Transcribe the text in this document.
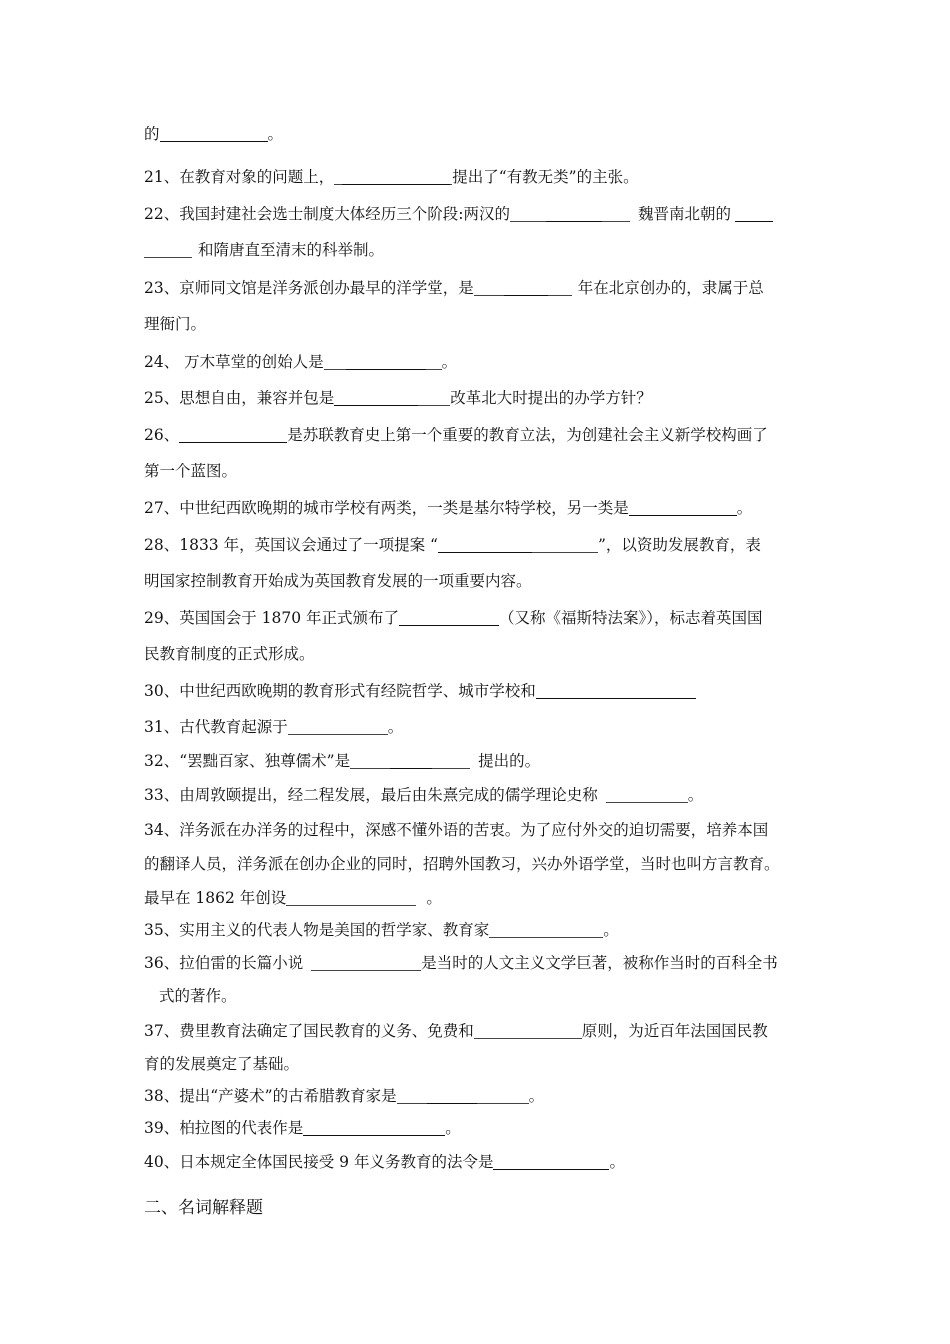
的	。
21、在教育对象的问题上，	提出了“有教无类”的主张。
22、我国封建社会选士制度大体经历三个阶段:两汉的	魏晋南北朝的
和隋唐直至清末的科举制。
23、京师同文馆是洋务派创办最早的洋学堂，是	年在北京创办的，隶属于总
理衙门。
24、 万木草堂的创始人是	。
25、思想自由，兼容并包是	改革北大时提出的办学方针？
26、	是苏联教育史上第一个重要的教育立法，为创建社会主义新学校构画了
第一个蓝图。
27、中世纪西欧晚期的城市学校有两类，一类是基尔特学校，另一类是	。
28、1833 年，英国议会通过了一项提案 “	”，以资助发展教育，表
明国家控制教育开始成为英国教育发展的一项重要内容。
29、英国国会于 1870 年正式颁布了	（又称《福斯特法案》），标志着英国国
民教育制度的正式形成。
30、中世纪西欧晚期的教育形式有经院哲学、城市学校和
31、古代教育起源于	。
32、“罢黜百家、独尊儒术”是	提出的。
33、由周敦颐提出，经二程发展，最后由朱熹完成的儒学理论史称	。
34、洋务派在办洋务的过程中，深感不懂外语的苦衷。为了应付外交的迫切需要，培养本国
的翻译人员，洋务派在创办企业的同时，招聘外国教习，兴办外语学堂，当时也叫方言教育。
最早在 1862 年创设	。
35、实用主义的代表人物是美国的哲学家、教育家	。
36、拉伯雷的长篇小说	是当时的人文主义文学巨著，被称作当时的百科全书
式的著作。
37、费里教育法确定了国民教育的义务、免费和	原则，为近百年法国国民教
育的发展奠定了基础。
38、提出“产婆术”的古希腊教育家是	。
39、柏拉图的代表作是	。
40、日本规定全体国民接受 9 年义务教育的法令是	。
二、名词解释题
